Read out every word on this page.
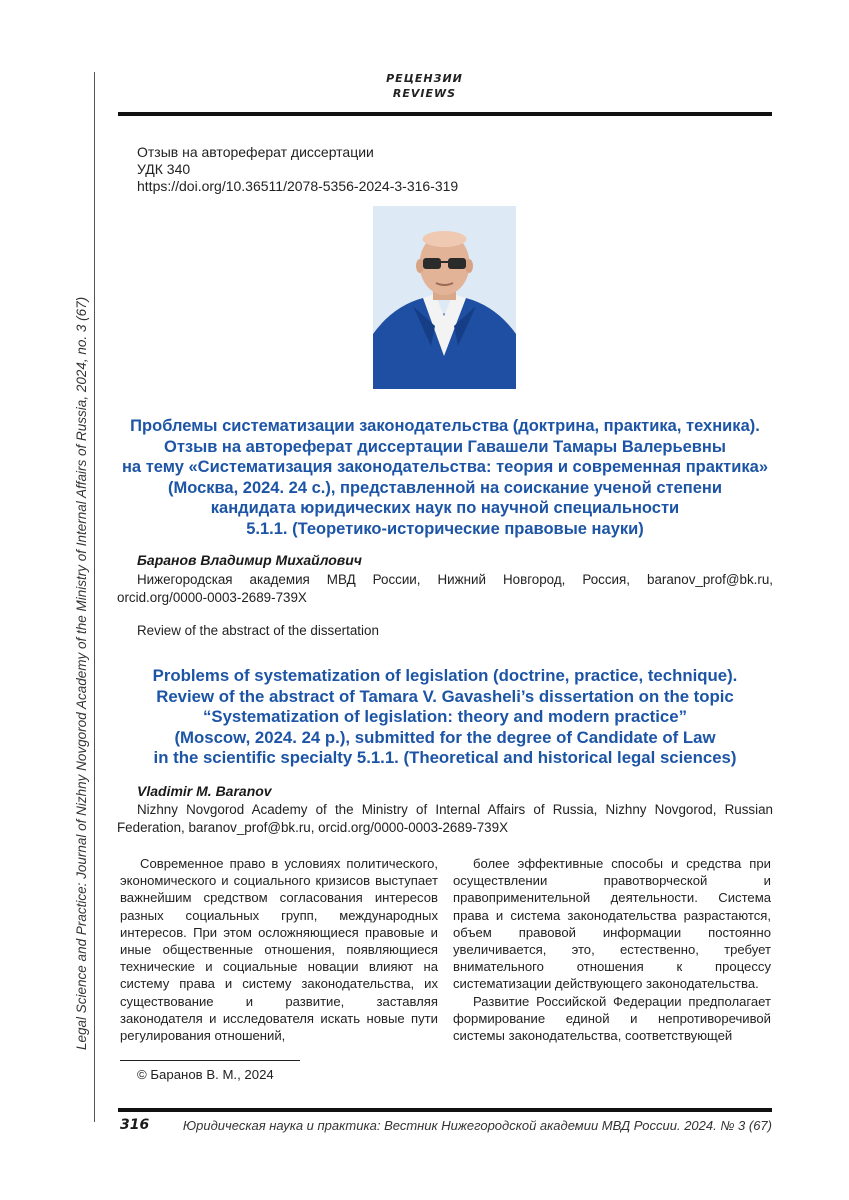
Legal Science and Practice: Journal of Nizhny Novgorod Academy of the Ministry of Internal Affairs of Russia, 2024, no. 3 (67)
РЕЦЕНЗИИ
REVIEWS
Отзыв на автореферат диссертации
УДК 340
https://doi.org/10.36511/2078-5356-2024-3-316-319
Проблемы систематизации законодательства (доктрина, практика, техника).
Отзыв на автореферат диссертации Гавашели Тамары Валерьевны
на тему «Систематизация законодательства: теория и современная практика»
(Москва, 2024. 24 с.), представленной на соискание ученой степени
кандидата юридических наук по научной специальности
5.1.1. (Теоретико-исторические правовые науки)
Баранов Владимир Михайлович
Нижегородская академия МВД России, Нижний Новгород, Россия, baranov_prof@bk.ru, orcid.org/0000-0003-2689-739X
Review of the abstract of the dissertation
Problems of systematization of legislation (doctrine, practice, technique).
Review of the abstract of Tamara V. Gavasheli’s dissertation on the topic
“Systematization of legislation: theory and modern practice”
(Moscow, 2024. 24 p.), submitted for the degree of Candidate of Law
in the scientific specialty 5.1.1. (Theoretical and historical legal sciences)
Vladimir M. Baranov
Nizhny Novgorod Academy of the Ministry of Internal Affairs of Russia, Nizhny Novgorod, Russian Federation, baranov_prof@bk.ru, orcid.org/0000-0003-2689-739X

Современное право в условиях политического, экономического и социального кризисов выступает важнейшим средством согласования интересов разных социальных групп, международных интересов. При этом осложняющиеся правовые и иные общественные отношения, появляющиеся технические и социальные новации влияют на систему права и систему законодательства, их существование и развитие, заставляя законодателя и исследователя искать новые пути регулирования отношений,

более эффективные способы и средства при осуществлении правотворческой и правоприменительной деятельности. Система права и система законодательства разрастаются, объем правовой информации постоянно увеличивается, это, естественно, требует внимательного отношения к процессу систематизации действующего законодательства.

Развитие Российской Федерации предполагает формирование единой и непротиворечивой системы законодательства, соответствующей

© Баранов В. М., 2024
316	Юридическая наука и практика: Вестник Нижегородской академии МВД России. 2024. № 3 (67)
